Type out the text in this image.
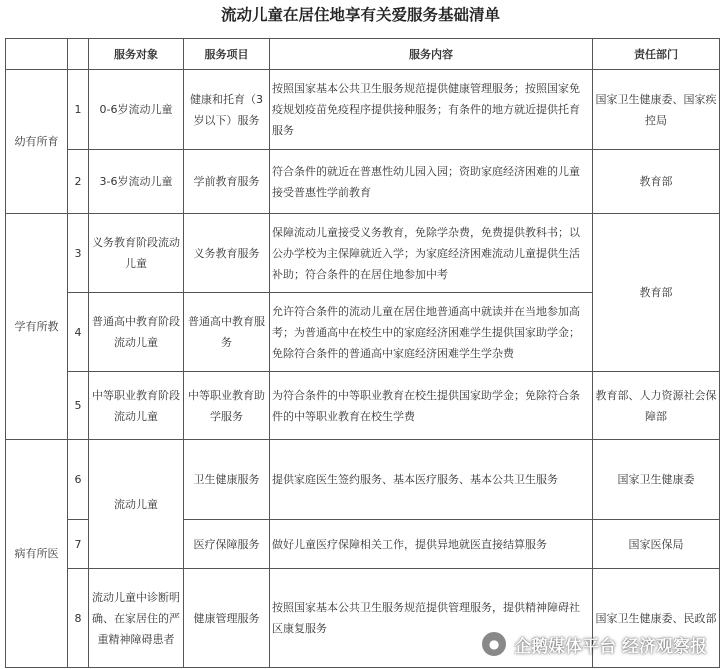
流动儿童在居住地享有关爱服务基础清单
		服务对象	服务项目	服务内容	责任部门
幼有所育	1	0-6岁流动儿童	健康和托育（3岁以下）服务	按照国家基本公共卫生服务规范提供健康管理服务；按照国家免疫规划疫苗免疫程序提供接种服务；有条件的地方就近提供托育服务	国家卫生健康委、国家疾控局
	2	3-6岁流动儿童	学前教育服务	符合条件的就近在普惠性幼儿园入园；资助家庭经济困难的儿童接受普惠性学前教育	教育部
学有所教	3	义务教育阶段流动儿童	义务教育服务	保障流动儿童接受义务教育，免除学杂费，免费提供教科书；以公办学校为主保障就近入学；为家庭经济困难流动儿童提供生活补助；符合条件的在居住地参加中考	教育部
	4	普通高中教育阶段流动儿童	普通高中教育服务	允许符合条件的流动儿童在居住地普通高中就读并在当地参加高考；为普通高中在校生中的家庭经济困难学生提供国家助学金；免除符合条件的普通高中家庭经济困难学生学杂费	
	5	中等职业教育阶段流动儿童	中等职业教育助学服务	为符合条件的中等职业教育在校生提供国家助学金；免除符合条件的中等职业教育在校生学费	教育部、人力资源社会保障部
病有所医	6	流动儿童	卫生健康服务	提供家庭医生签约服务、基本医疗服务、基本公共卫生服务	国家卫生健康委
	7		医疗保障服务	做好儿童医疗保障相关工作，提供异地就医直接结算服务	国家医保局
	8	流动儿童中诊断明确、在家居住的严重精神障碍患者	健康管理服务	按照国家基本公共卫生服务规范提供管理服务，提供精神障碍社区康复服务	国家卫生健康委、民政部
● 企鹅媒体平台 经济观察报
